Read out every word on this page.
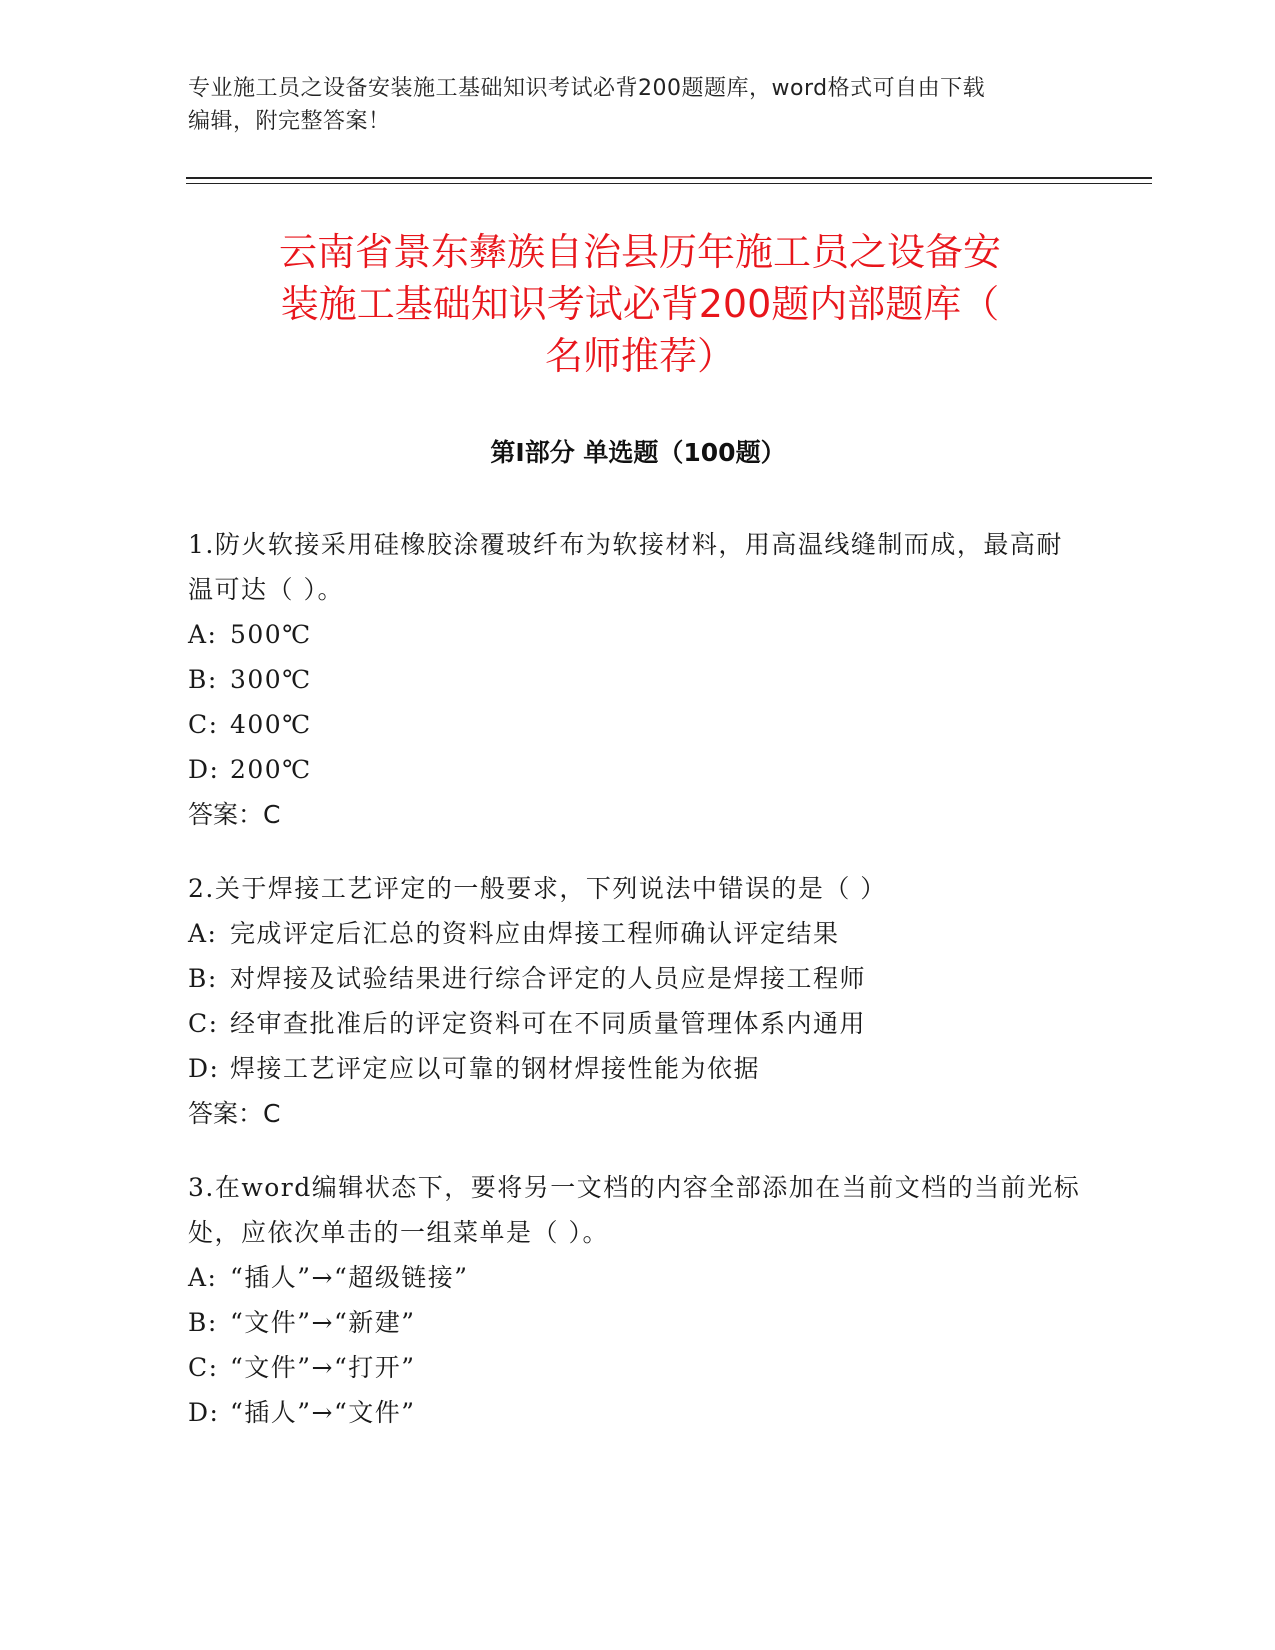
专业施工员之设备安装施工基础知识考试必背200题题库，word格式可自由下载
编辑，附完整答案！
云南省景东彝族自治县历年施工员之设备安
装施工基础知识考试必背200题内部题库（
名师推荐）
第Ⅰ部分 单选题（100题）

1.防火软接采用硅橡胶涂覆玻纤布为软接材料，用高温线缝制而成，最高耐温可达（ ）。

A: 500℃

B: 300℃

C: 400℃

D: 200℃

答案：C

2.关于焊接工艺评定的一般要求，下列说法中错误的是（ ）

A: 完成评定后汇总的资料应由焊接工程师确认评定结果

B: 对焊接及试验结果进行综合评定的人员应是焊接工程师

C: 经审查批准后的评定资料可在不同质量管理体系内通用

D: 焊接工艺评定应以可靠的钢材焊接性能为依据

答案：C

3.在word编辑状态下，要将另一文档的内容全部添加在当前文档的当前光标处，应依次单击的一组菜单是（ ）。

A: “插人”→“超级链接”

B: “文件”→“新建”

C: “文件”→“打开”

D: “插人”→“文件”
